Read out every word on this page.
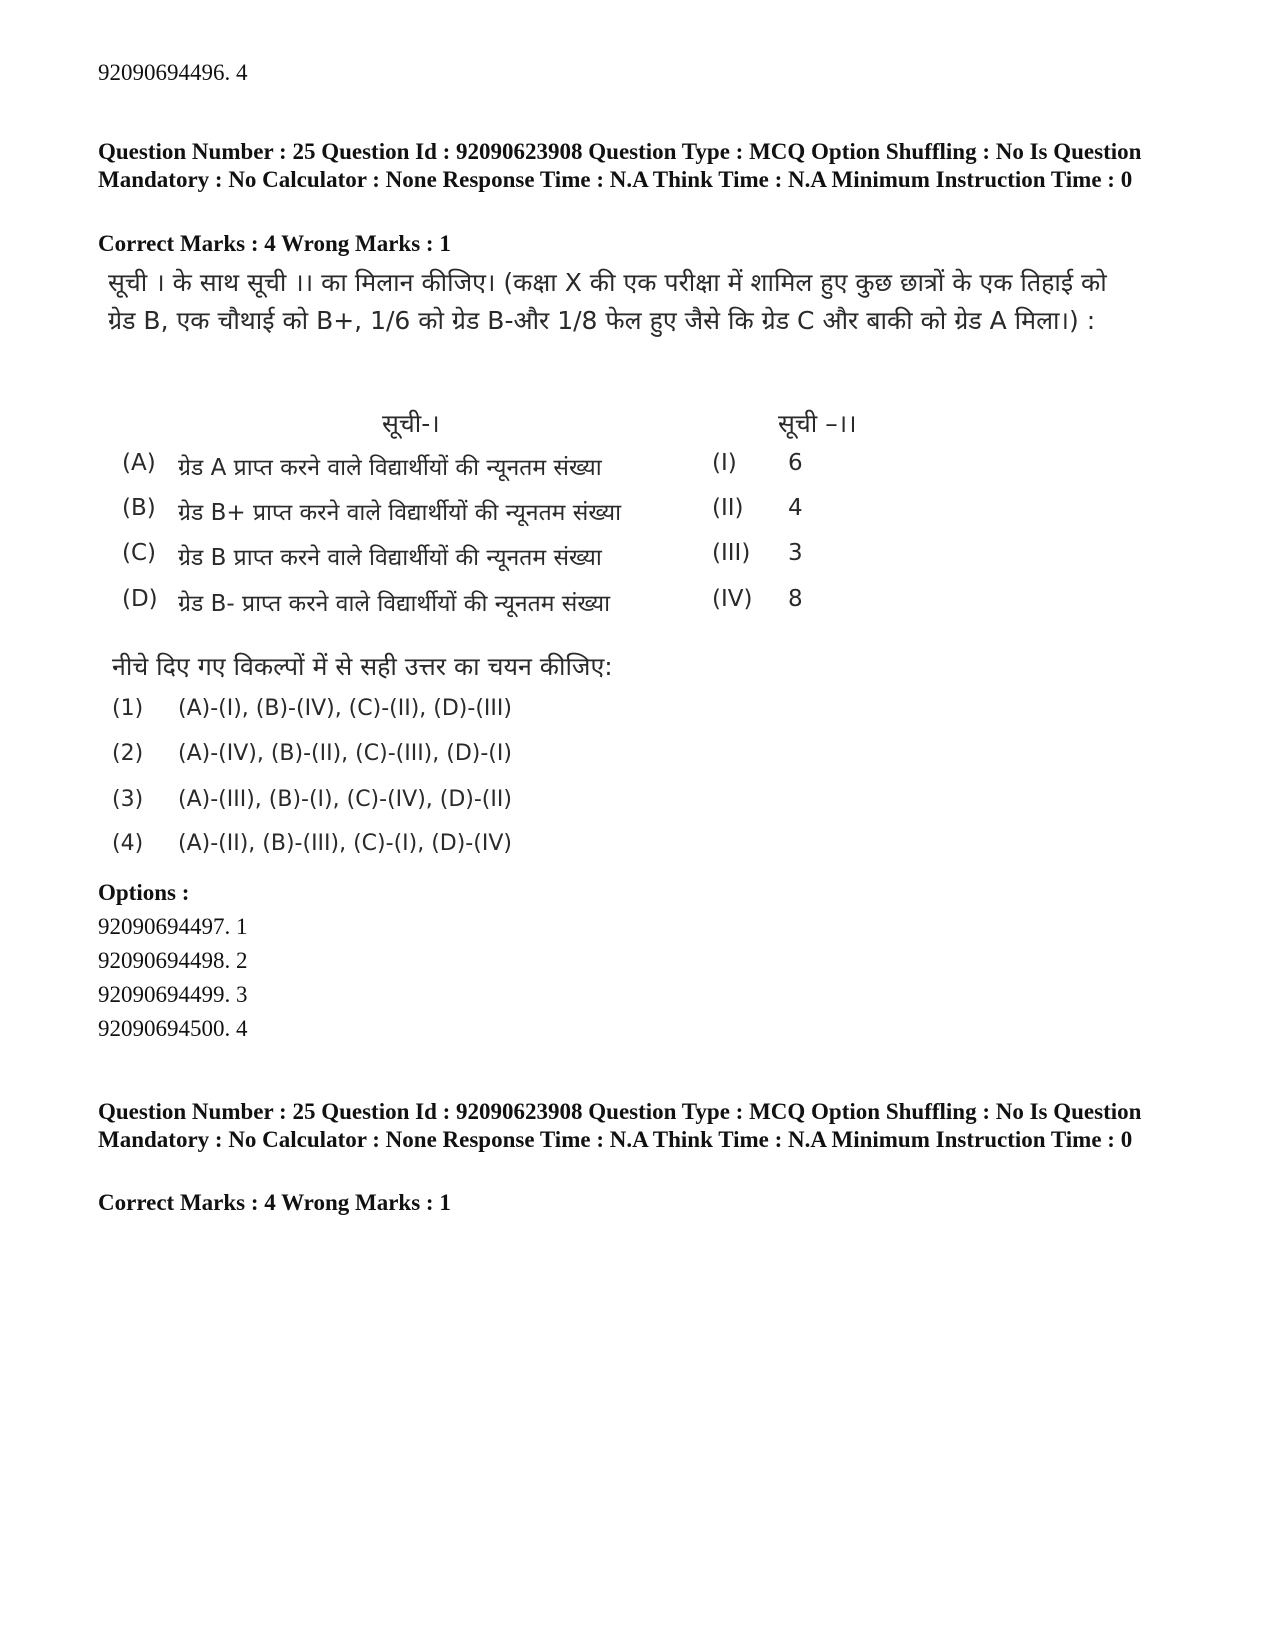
92090694496. 4
Question Number : 25 Question Id : 92090623908 Question Type : MCQ Option Shuffling : No Is Question Mandatory : No Calculator : None Response Time : N.A Think Time : N.A Minimum Instruction Time : 0
Correct Marks : 4 Wrong Marks : 1
सूची । के साथ सूची ।। का मिलान कीजिए। (कक्षा X की एक परीक्षा में शामिल हुए कुछ छात्रों के एक तिहाई को ग्रेड B, एक चौथाई को B+, 1/6 को ग्रेड B-और 1/8 फेल हुए जैसे कि ग्रेड C और बाकी को ग्रेड A मिला।) :
सूची-।	सूची –।।
(A) ग्रेड A प्राप्त करने वाले विद्यार्थीयों की न्यूनतम संख्या	(I) 6
(B) ग्रेड B+ प्राप्त करने वाले विद्यार्थीयों की न्यूनतम संख्या	(II) 4
(C) ग्रेड B प्राप्त करने वाले विद्यार्थीयों की न्यूनतम संख्या	(III) 3
(D) ग्रेड B- प्राप्त करने वाले विद्यार्थीयों की न्यूनतम संख्या	(IV) 8
नीचे दिए गए विकल्पों में से सही उत्तर का चयन कीजिए:
(1) (A)-(I), (B)-(IV), (C)-(II), (D)-(III)
(2) (A)-(IV), (B)-(II), (C)-(III), (D)-(I)
(3) (A)-(III), (B)-(I), (C)-(IV), (D)-(II)
(4) (A)-(II), (B)-(III), (C)-(I), (D)-(IV)
Options :
92090694497. 1
92090694498. 2
92090694499. 3
92090694500. 4
Question Number : 25 Question Id : 92090623908 Question Type : MCQ Option Shuffling : No Is Question Mandatory : No Calculator : None Response Time : N.A Think Time : N.A Minimum Instruction Time : 0
Correct Marks : 4 Wrong Marks : 1
